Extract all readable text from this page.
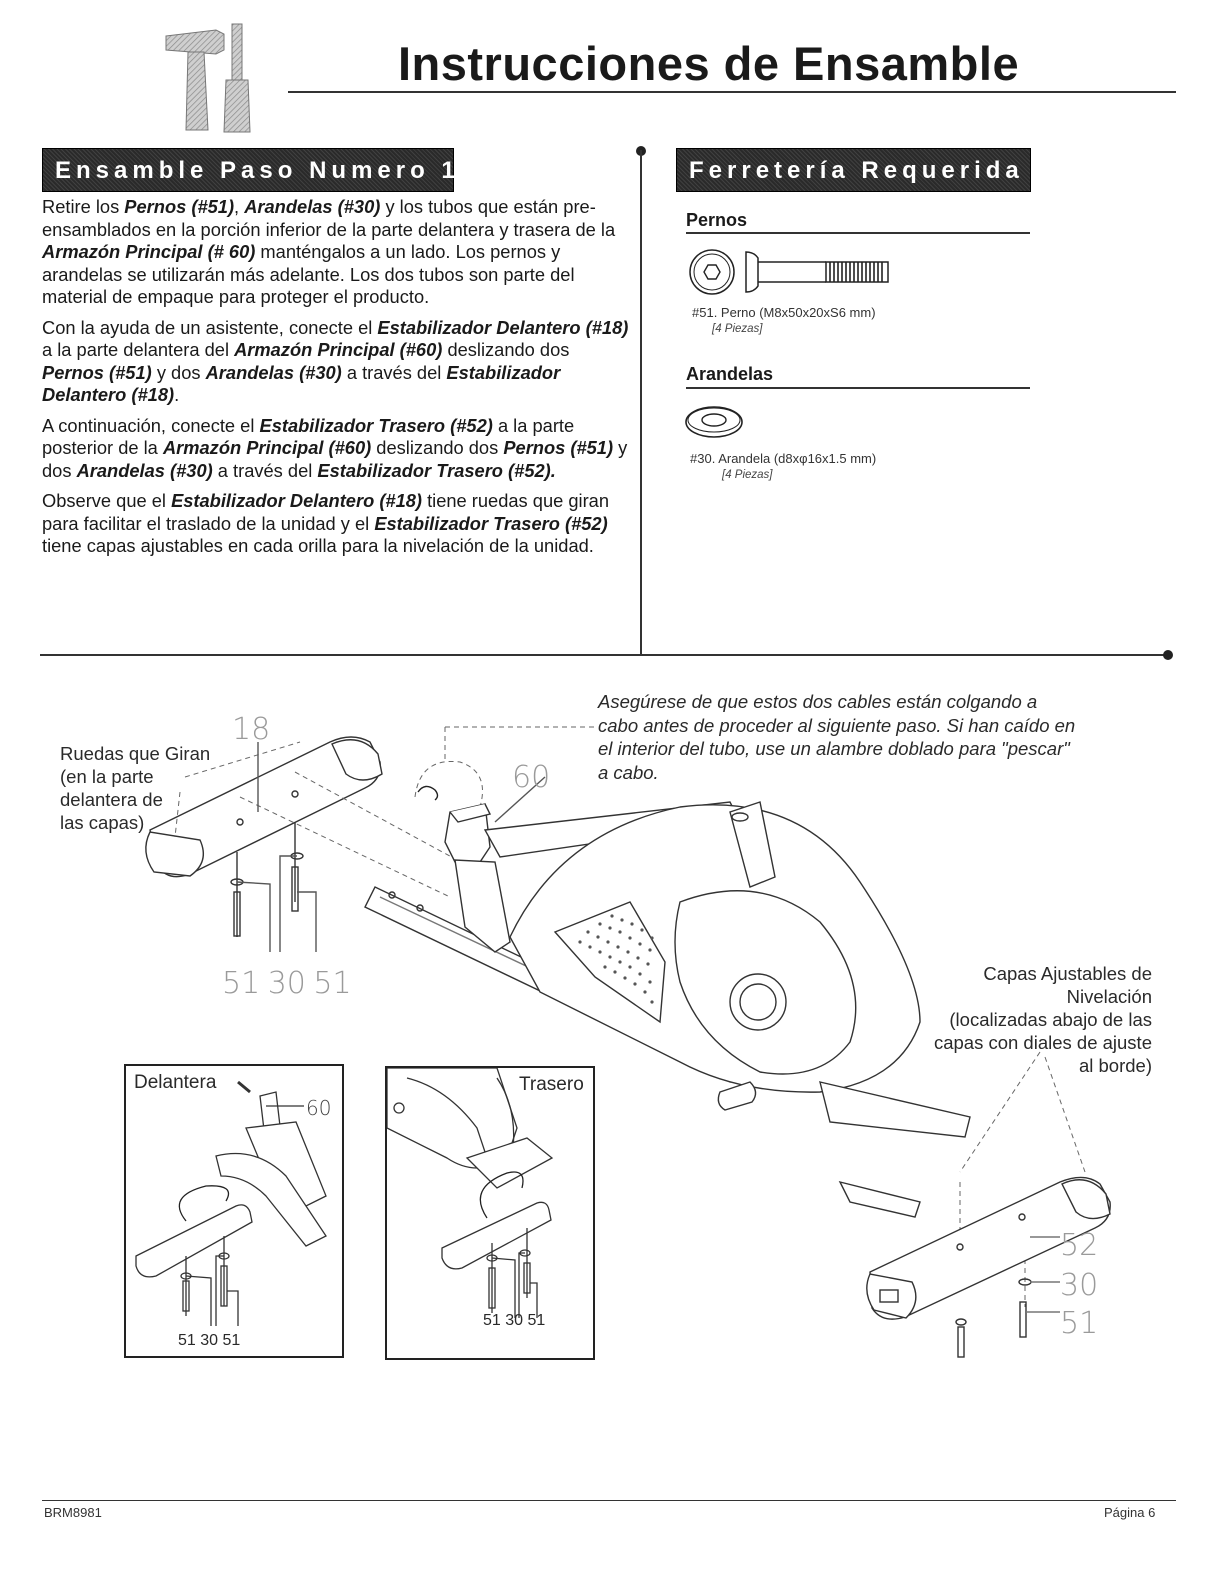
Instrucciones de Ensamble
Ensamble Paso Numero 1

Retire los Pernos (#51), Arandelas (#30) y los tubos que están pre-ensamblados en la porción inferior de la parte delantera y trasera de la Armazón Principal (# 60) manténgalos a un lado. Los pernos y arandelas se utilizarán más adelante. Los dos tubos son parte del material de empaque para proteger el producto.

Con la ayuda de un asistente, conecte el Estabilizador Delantero (#18) a la parte delantera del Armazón Principal (#60) deslizando dos Pernos (#51) y dos Arandelas (#30) a través del Estabilizador Delantero (#18).

A continuación, conecte el Estabilizador Trasero (#52) a la parte posterior de la Armazón Principal (#60) deslizando dos Pernos (#51) y dos Arandelas (#30) a través del Estabilizador Trasero (#52).

Observe que el Estabilizador Delantero (#18) tiene ruedas que giran para facilitar el traslado de la unidad y el Estabilizador Trasero (#52) tiene capas ajustables en cada orilla para la nivelación de la unidad.

Ferretería Requerida
Pernos
#51. Perno (M8x50x20xS6 mm)
[4 Piezas]
Arandelas
#30. Arandela (d8xφ16x1.5 mm)
[4 Piezas]
Ruedas que Giran
(en la parte
delantera de
las capas)
Asegúrese de que estos dos cables están colgando a cabo antes de proceder al siguiente paso. Si han caído en el interior del tubo, use un alambre doblado para "pescar" a cabo.
Capas Ajustables de
Nivelación
(localizadas abajo de las
capas con diales de ajuste
al borde)
18
60
51 30 51
52
30
51
Delantera
60
51 30 51
Trasero
51 30 51
BRM8981	Página 6
